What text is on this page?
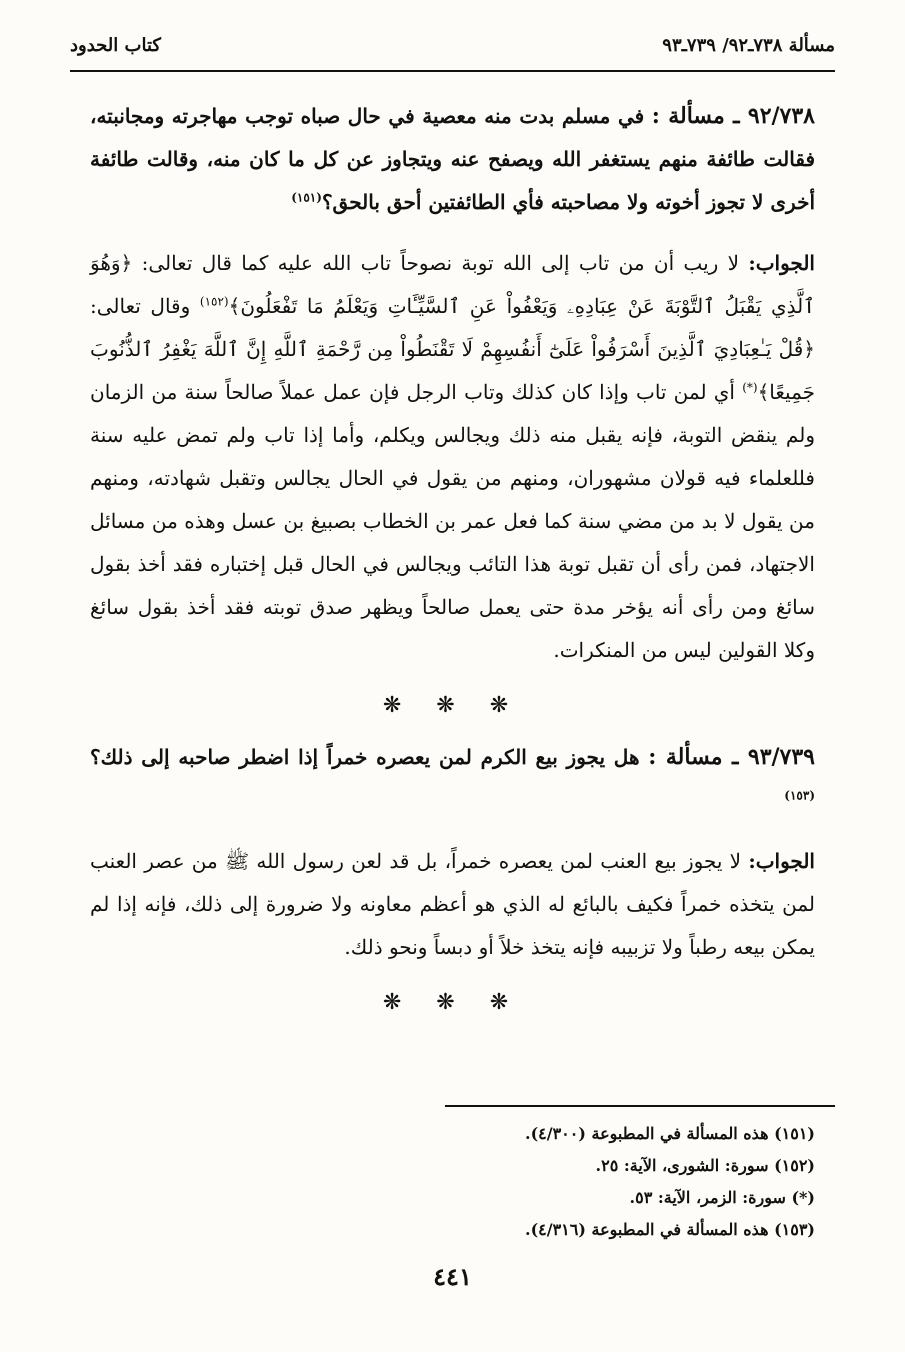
كتاب الحدود	مسألة ٧٣٨ـ٩٢/ ٧٣٩ـ٩٣

٩٢/٧٣٨ ـ مسألة : في مسلم بدت منه معصية في حال صباه توجب مهاجرته ومجانبته، فقالت طائفة منهم يستغفر الله ويصفح عنه ويتجاوز عن كل ما كان منه، وقالت طائفة أخرى لا تجوز أخوته ولا مصاحبته فأي الطائفتين أحق بالحق؟$^{(١٥١)}$

الجواب: لا ريب أن من تاب إلى الله توبة نصوحاً تاب الله عليه كما قال تعالى: ﴿وَهُوَ ٱلَّذِي يَقْبَلُ ٱلتَّوْبَةَ عَنْ عِبَادِهِۦ وَيَعْفُواْ عَنِ ٱلسَّيِّـَٔاتِ وَيَعْلَمُ مَا تَفْعَلُونَ﴾$^{(١٥٢)}$ وقال تعالى: ﴿قُلْ يَـٰعِبَادِيَ ٱلَّذِينَ أَسْرَفُواْ عَلَىٰٓ أَنفُسِهِمْ لَا تَقْنَطُواْ مِن رَّحْمَةِ ٱللَّهِ إِنَّ ٱللَّهَ يَغْفِرُ ٱلذُّنُوبَ جَمِيعًا﴾(*) أي لمن تاب وإذا كان كذلك وتاب الرجل فإن عمل عملاً صالحاً سنة من الزمان ولم ينقض التوبة، فإنه يقبل منه ذلك ويجالس ويكلم، وأما إذا تاب ولم تمض عليه سنة فللعلماء فيه قولان مشهوران، ومنهم من يقول في الحال يجالس وتقبل شهادته، ومنهم من يقول لا بد من مضي سنة كما فعل عمر بن الخطاب بصبيغ بن عسل وهذه من مسائل الاجتهاد، فمن رأى أن تقبل توبة هذا التائب ويجالس في الحال قبل إختباره فقد أخذ بقول سائغ ومن رأى أنه يؤخر مدة حتى يعمل صالحاً ويظهر صدق توبته فقد أخذ بقول سائغ وكلا القولين ليس من المنكرات.

❋ ❋ ❋

٩٣/٧٣٩ ـ مسألة : هل يجوز بيع الكرم لمن يعصره خمراً إذا اضطر صاحبه إلى ذلك؟$^{(١٥٣)}$

الجواب: لا يجوز بيع العنب لمن يعصره خمراً، بل قد لعن رسول الله ﷺ من عصر العنب لمن يتخذه خمراً فكيف بالبائع له الذي هو أعظم معاونه ولا ضرورة إلى ذلك، فإنه إذا لم يمكن بيعه رطباً ولا تزبيبه فإنه يتخذ خلاً أو دبساً ونحو ذلك.

❋ ❋ ❋
(١٥١) هذه المسألة في المطبوعة (٤/٣٠٠).
(١٥٢) سورة: الشورى، الآية: ٢٥.
(*) سورة: الزمر، الآية: ٥٣.
(١٥٣) هذه المسألة في المطبوعة (٤/٣١٦).
٤٤١
